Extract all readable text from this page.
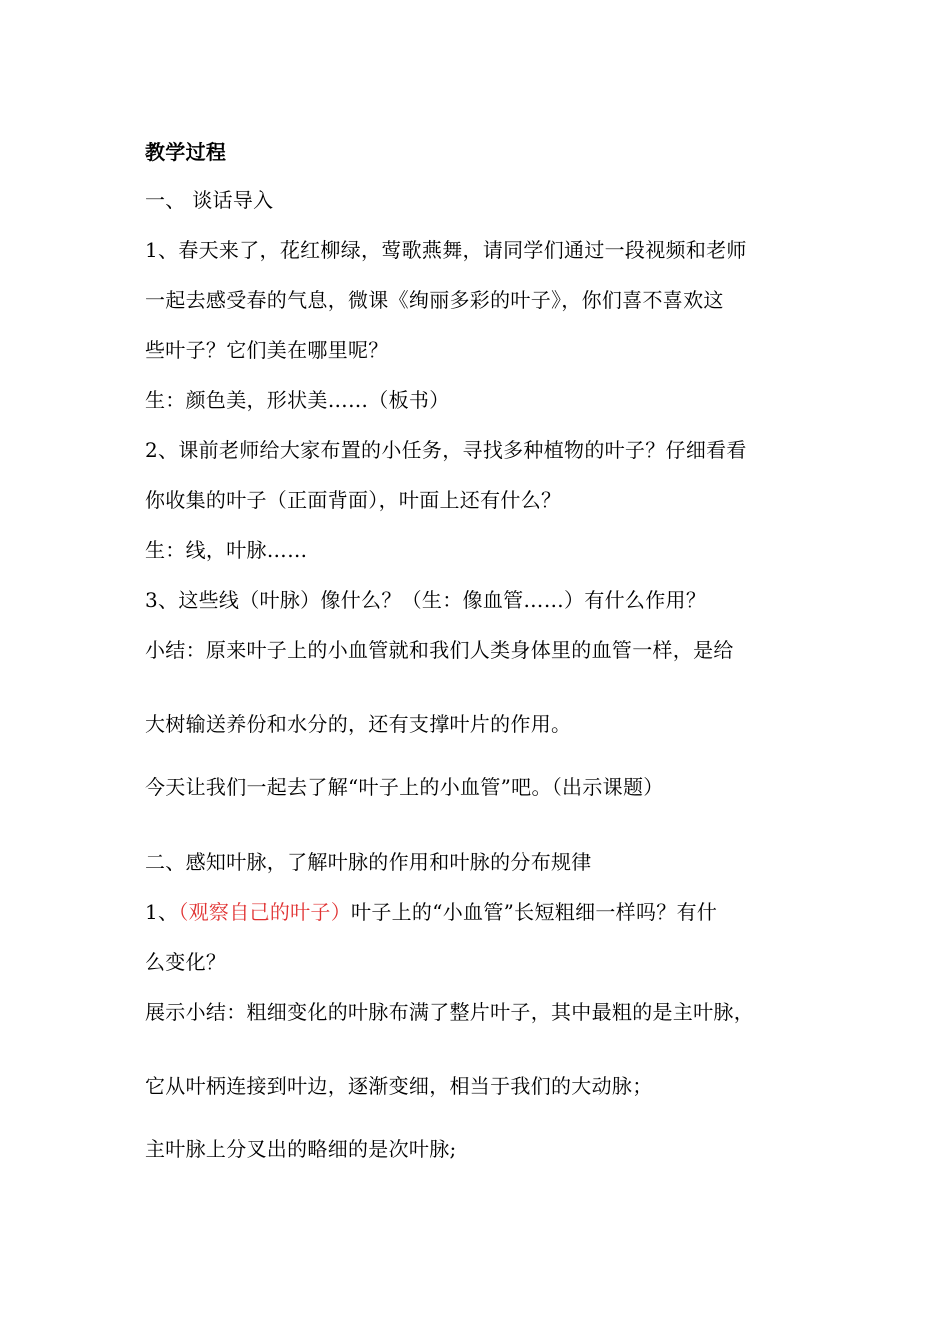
教学过程
一、 谈话导入
1、春天来了，花红柳绿，莺歌燕舞，请同学们通过一段视频和老师
一起去感受春的气息，微课《绚丽多彩的叶子》，你们喜不喜欢这
些叶子？它们美在哪里呢？
生：颜色美，形状美……（板书）
2、课前老师给大家布置的小任务，寻找多种植物的叶子？仔细看看
你收集的叶子（正面背面），叶面上还有什么？
生：线，叶脉……
3、这些线（叶脉）像什么？（生：像血管……）有什么作用？
小结：原来叶子上的小血管就和我们人类身体里的血管一样，是给
大树输送养份和水分的，还有支撑叶片的作用。
今天让我们一起去了解“叶子上的小血管”吧。（出示课题）
二、感知叶脉，了解叶脉的作用和叶脉的分布规律
1、（观察自己的叶子）叶子上的“小血管”长短粗细一样吗？有什
么变化？
展示小结：粗细变化的叶脉布满了整片叶子，其中最粗的是主叶脉，
它从叶柄连接到叶边，逐渐变细，相当于我们的大动脉；
主叶脉上分叉出的略细的是次叶脉;
